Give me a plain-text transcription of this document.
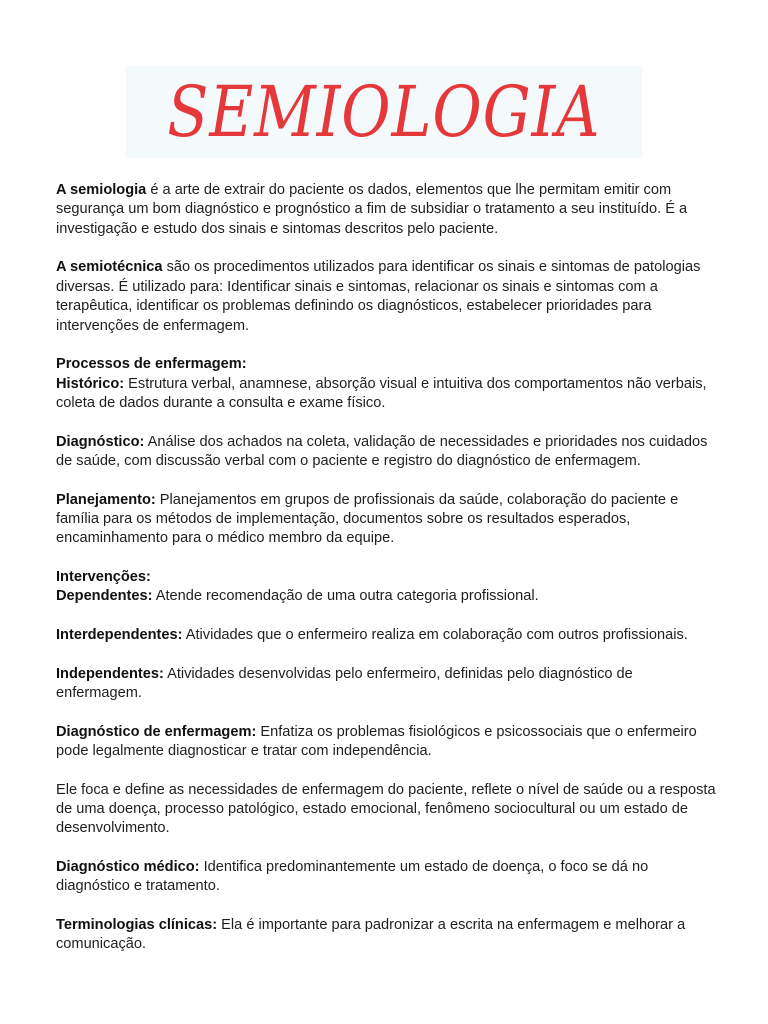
SEMIOLOGIA

A semiologia é a arte de extrair do paciente os dados, elementos que lhe permitam emitir com segurança um bom diagnóstico e prognóstico a fim de subsidiar o tratamento a seu instituído. É a investigação e estudo dos sinais e sintomas descritos pelo paciente.

A semiotécnica são os procedimentos utilizados para identificar os sinais e sintomas de patologias diversas. É utilizado para: Identificar sinais e sintomas, relacionar os sinais e sintomas com a terapêutica, identificar os problemas definindo os diagnósticos, estabelecer prioridades para intervenções de enfermagem.

Processos de enfermagem:

Histórico: Estrutura verbal, anamnese, absorção visual e intuitiva dos comportamentos não verbais, coleta de dados durante a consulta e exame físico.

Diagnóstico: Análise dos achados na coleta, validação de necessidades e prioridades nos cuidados de saúde, com discussão verbal com o paciente e registro do diagnóstico de enfermagem.

Planejamento: Planejamentos em grupos de profissionais da saúde, colaboração do paciente e família para os métodos de implementação, documentos sobre os resultados esperados, encaminhamento para o médico membro da equipe.

Intervenções:

Dependentes: Atende recomendação de uma outra categoria profissional.

Interdependentes: Atividades que o enfermeiro realiza em colaboração com outros profissionais.

Independentes: Atividades desenvolvidas pelo enfermeiro, definidas pelo diagnóstico de enfermagem.

Diagnóstico de enfermagem: Enfatiza os problemas fisiológicos e psicossociais que o enfermeiro pode legalmente diagnosticar e tratar com independência.

Ele foca e define as necessidades de enfermagem do paciente, reflete o nível de saúde ou a resposta de uma doença, processo patológico, estado emocional, fenômeno sociocultural ou um estado de desenvolvimento.

Diagnóstico médico: Identifica predominantemente um estado de doença, o foco se dá no diagnóstico e tratamento.

Terminologias clínicas: Ela é importante para padronizar a escrita na enfermagem e melhorar a comunicação.
